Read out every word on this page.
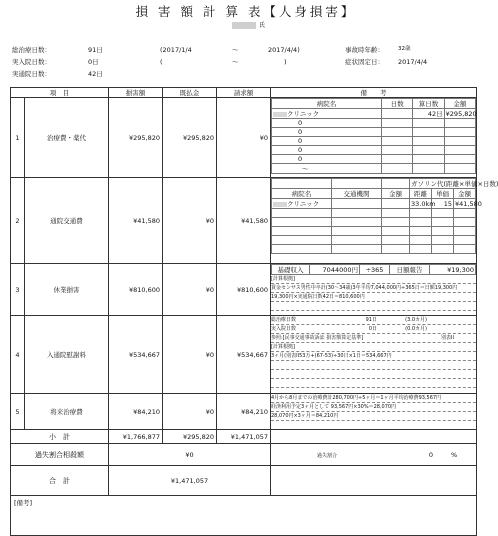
損 害 額 計 算 表【人身損害】
氏
総治療日数：	91日
実入院日数：	0日
実通院日数：	42日
(2017/1/4	～	2017/4/4)
(	～	)
事故時年齢：	32歳
症状固定日： 2017/4/4
項　目	損害額	既払金	請求額	備　　考
1	治療費・薬代	¥295,820	¥295,820	¥0	
病院名	日数	算日数	金額
クリニック		42日	¥295,820
0			
0			
0			
0			
0			
～			

2	通院交通費	¥41,580	¥0	¥41,580	
			ガソリン代(距離×単価×日数)
病院名	交通機関	金額	距離	単価	金額
クリニック			33.0km	15	¥41,580

3	休業損害	¥810,600	¥0	¥810,600	
基礎収入	7044000円	÷365	日額報告	¥19,300
[計算根拠]
賃金センサス男性中卒計(30～34歳)3年平均7,044,000円÷365日＝日額19,300円
19,300円×実通院日数42日＝810,600円

4	入通院慰謝料	¥534,667	¥0	¥534,667	
総治療日数	91日	(3.0カ月)
実入院日数	0日	(0.0カ月)
参照:[民事交通事故訴訟 損害額算定基準]	別表II
[計算根拠]
3ヶ月(別表II53万+(67-53)÷30日×1日＝534,667円

5	将来治療費	¥84,210	¥0	¥84,210	
4月から8月までの治療費計280,700円÷5ヶ月＝1ヶ月平均治療費93,567円
経済利用予定3ヶ月として 93,567円×30%＝28,070円
28,070円×3ヶ月＝84,210円

小　計	¥1,766,877	¥295,820	¥1,471,057	
過失割合相殺額	¥0	過失割合	0	%
合　計	¥1,471,057	
[備考]
